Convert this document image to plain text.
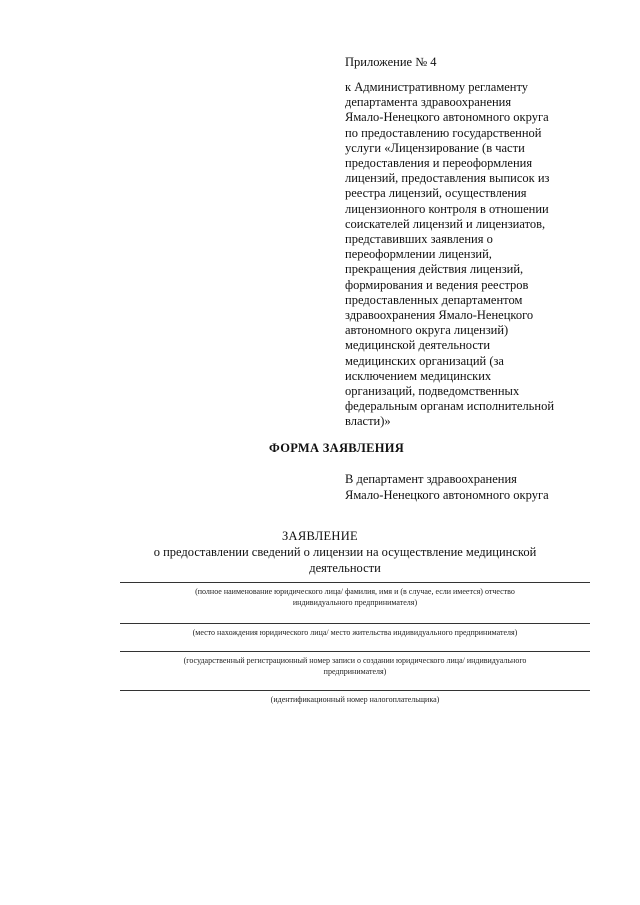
Приложение № 4
к Административному регламенту
департамента здравоохранения
Ямало-Ненецкого автономного округа
по предоставлению государственной
услуги «Лицензирование (в части
предоставления и переоформления
лицензий, предоставления выписок из
реестра лицензий, осуществления
лицензионного контроля в отношении
соискателей лицензий и лицензиатов,
представивших заявления о
переоформлении лицензий,
прекращения действия лицензий,
формирования и ведения реестров
предоставленных департаментом
здравоохранения Ямало-Ненецкого
автономного округа лицензий)
медицинской деятельности
медицинских организаций (за
исключением медицинских
организаций, подведомственных
федеральным органам исполнительной
власти)»
ФОРМА ЗАЯВЛЕНИЯ
В департамент здравоохранения
Ямало-Ненецкого автономного округа
ЗАЯВЛЕНИЕ
о предоставлении сведений о лицензии на осуществление медицинской
деятельности
(полное наименование юридического лица/ фамилия, имя и (в случае, если имеется) отчество
индивидуального предпринимателя)
(место нахождения юридического лица/ место жительства индивидуального предпринимателя)
(государственный регистрационный номер записи о создании юридического лица/ индивидуального
предпринимателя)
(идентификационный номер налогоплательщика)
